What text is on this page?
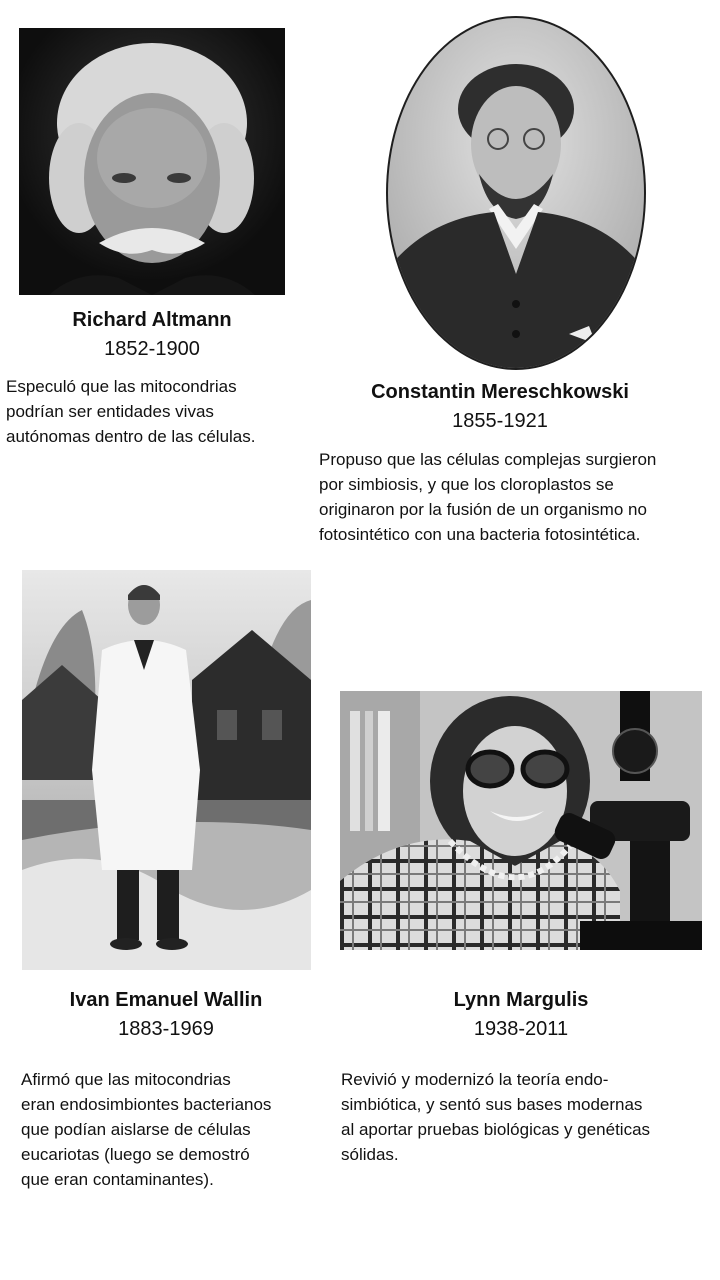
Richard Altmann
1852-1900
Especuló que las mitocondrias
podrían ser entidades vivas
autónomas dentro de las células.
Constantin Mereschkowski
1855-1921
Propuso que las células complejas surgieron
por simbiosis, y que los cloroplastos se
originaron por la fusión de un organismo no
fotosintético con una bacteria fotosintética.
Ivan Emanuel Wallin
1883-1969
Afirmó que las mitocondrias
eran endosimbiontes bacterianos
que podían aislarse de células
eucariotas (luego se demostró
que eran contaminantes).
Lynn Margulis
1938-2011
Revivió y modernizó la teoría endo-
simbiótica, y sentó sus bases modernas
al aportar pruebas biológicas y genéticas
sólidas.
